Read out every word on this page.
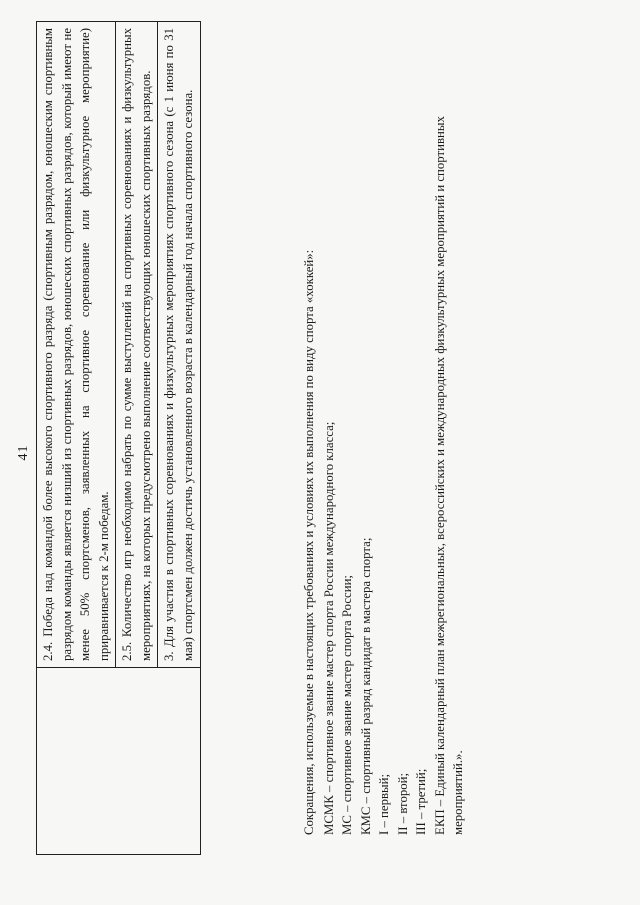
41
	2.4. Победа над командой более высокого спортивного разряда (спортивным разрядом, юношеским спортивным разрядом команды является низший из спортивных разрядов, юношеских спортивных разрядов, который имеют не менее 50% спортсменов, заявленных на спортивное соревнование или физкультурное мероприятие) приравнивается к 2-м победам. 2.5. Количество игр необходимо набрать по сумме выступлений на спортивных соревнованиях и физкультурных мероприятиях, на которых предусмотрено выполнение соответствующих юношеских спортивных разрядов. 3. Для участия в спортивных соревнованиях и физкультурных мероприятиях спортивного сезона (с 1 июня по 31 мая) спортсмен должен достичь установленного возраста в календарный год начала спортивного сезона.	Сокращения, используемые в настоящих требованиях и условиях их выполнения по виду спорта «хоккей»: МСМК – спортивное звание мастер спорта России международного класса; МС – спортивное звание мастер спорта России; КМС – спортивный разряд кандидат в мастера спорта; I – первый; II – второй; III – третий; ЕКП – Единый календарный план межрегиональных, всероссийских и международных физкультурных мероприятий и спортивных мероприятий.».
